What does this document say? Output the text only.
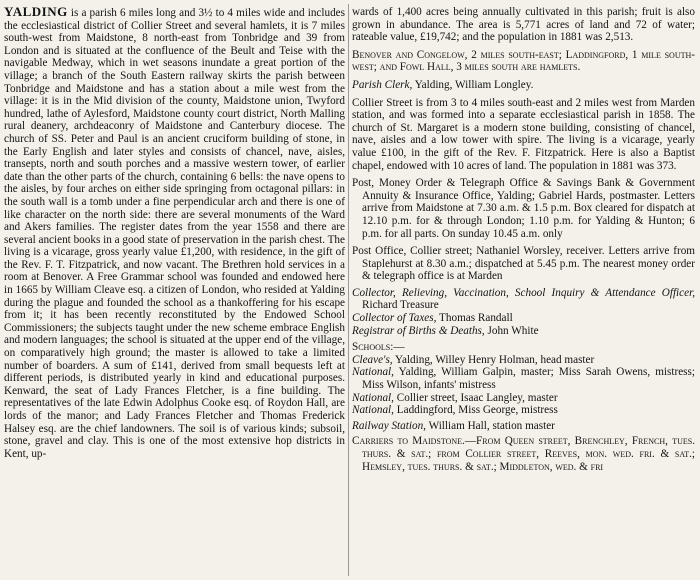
YALDING is a parish 6 miles long and 3½ to 4 miles wide and includes the ecclesiastical district of Collier Street and several hamlets, it is 7 miles south-west from Maidstone, 8 north-east from Tonbridge and 39 from London and is situated at the confluence of the Beult and Teise with the navigable Medway, which in wet seasons inundate a great portion of the village; a branch of the South Eastern railway skirts the parish between Tonbridge and Maidstone and has a station about a mile west from the village: it is in the Mid division of the county, Maidstone union, Twyford hundred, lathe of Aylesford, Maidstone county court district, North Malling rural deanery, archdeaconry of Maidstone and Canterbury diocese. The church of SS. Peter and Paul is an ancient cruciform building of stone, in the Early English and later styles and consists of chancel, nave, aisles, transepts, north and south porches and a massive western tower, of earlier date than the other parts of the church, containing 6 bells: the nave opens to the aisles, by four arches on either side springing from octagonal pillars: in the south wall is a tomb under a fine perpendicular arch and there is one of like character on the north side: there are several monuments of the Ward and Akers families. The register dates from the year 1558 and there are several ancient books in a good state of preservation in the parish chest. The living is a vicarage, gross yearly value £1,200, with residence, in the gift of the Rev. F. T. Fitzpatrick, and now vacant. The Brethren hold services in a room at Benover. A Free Grammar school was founded and endowed here in 1665 by William Cleave esq. a citizen of London, who resided at Yalding during the plague and founded the school as a thankoffering for his escape from it; it has been recently reconstituted by the Endowed School Commissioners; the subjects taught under the new scheme embrace English and modern languages; the school is situated at the upper end of the village, on comparatively high ground; the master is allowed to take a limited number of boarders. A sum of £141, derived from small bequests left at different periods, is distributed yearly in kind and educational purposes. Kenward, the seat of Lady Frances Fletcher, is a fine building. The representatives of the late Edwin Adolphus Cooke esq. of Roydon Hall, are lords of the manor; and Lady Frances Fletcher and Thomas Frederick Halsey esq. are the chief landowners. The soil is of various kinds; subsoil, stone, gravel and clay. This is one of the most extensive hop districts in Kent, up-

wards of 1,400 acres being annually cultivated in this parish; fruit is also grown in abundance. The area is 5,771 acres of land and 72 of water; rateable value, £19,742; and the population in 1881 was 2,513.

Benover and Congelow, 2 miles south-east; Laddingford, 1 mile south-west; and Fowl Hall, 3 miles south are hamlets.

Parish Clerk, Yalding, William Longley.

Collier Street is from 3 to 4 miles south-east and 2 miles west from Marden station, and was formed into a separate ecclesiastical parish in 1858. The church of St. Margaret is a modern stone building, consisting of chancel, nave, aisles and a low tower with spire. The living is a vicarage, yearly value £100, in the gift of the Rev. F. Fitzpatrick. Here is also a Baptist chapel, endowed with 10 acres of land. The population in 1881 was 373.

Post, Money Order & Telegraph Office & Savings Bank & Government Annuity & Insurance Office, Yalding; Gabriel Hards, postmaster. Letters arrive from Maidstone at 7.30 a.m. & 1.5 p.m. Box cleared for dispatch at 12.10 p.m. for & through London; 1.10 p.m. for Yalding & Hunton; 6 p.m. for all parts. On sunday 10.45 a.m. only

Post Office, Collier street; Nathaniel Worsley, receiver. Letters arrive from Staplehurst at 8.30 a.m.; dispatched at 5.45 p.m. The nearest money order & telegraph office is at Marden

Collector, Relieving, Vaccination, School Inquiry & Attendance Officer, Richard Treasure

Collector of Taxes, Thomas Randall

Registrar of Births & Deaths, John White

Schools:—

Cleave's, Yalding, Willey Henry Holman, head master

National, Yalding, William Galpin, master; Miss Sarah Owens, mistress; Miss Wilson, infants' mistress

National, Collier street, Isaac Langley, master

National, Laddingford, Miss George, mistress

Railway Station, William Hall, station master

Carriers to Maidstone.—From Queen street, Brenchley, French, tues. thurs. & sat.; from Collier street, Reeves, mon. wed. fri. & sat.; Hemsley, tues. thurs. & sat.; Middleton, wed. & fri
